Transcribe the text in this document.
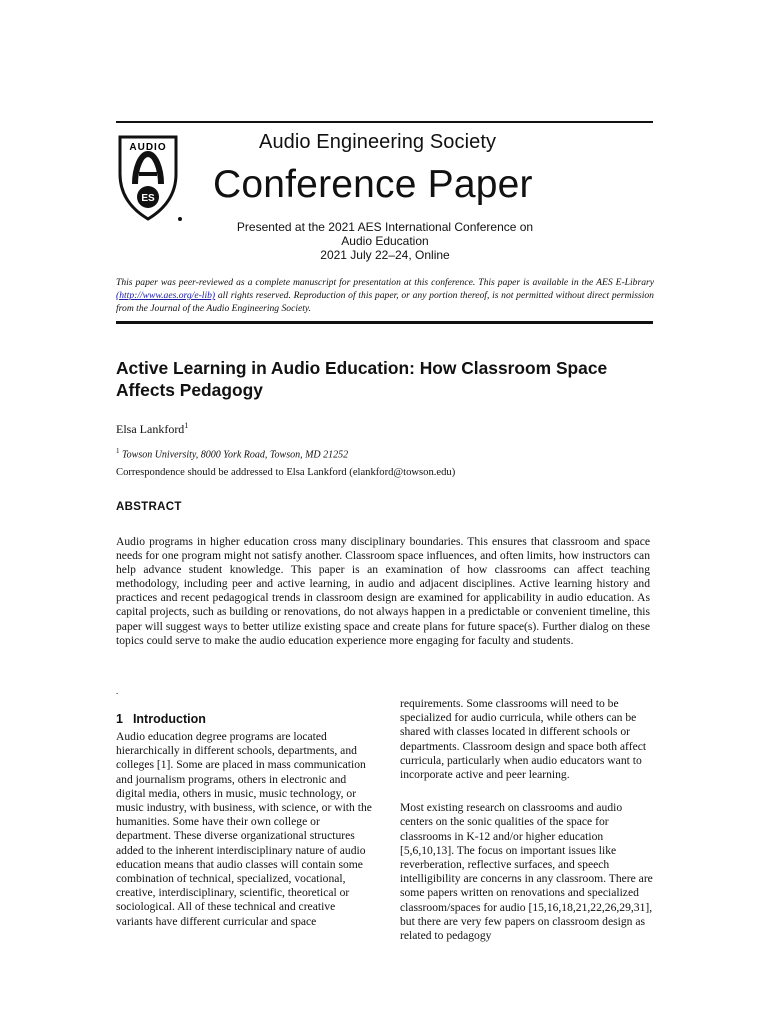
AUDIO
ES
Audio Engineering Society
Conference Paper
Presented at the 2021 AES International Conference on
Audio Education
2021 July 22–24, Online
This paper was peer-reviewed as a complete manuscript for presentation at this conference. This paper is available in the AES E-Library (http://www.aes.org/e-lib) all rights reserved. Reproduction of this paper, or any portion thereof, is not permitted without direct permission from the Journal of the Audio Engineering Society.
Active Learning in Audio Education: How Classroom Space Affects Pedagogy
Elsa Lankford$^1$
$^1$ Towson University, 8000 York Road, Towson, MD 21252
Correspondence should be addressed to Elsa Lankford (elankford@towson.edu)
ABSTRACT
Audio programs in higher education cross many disciplinary boundaries. This ensures that classroom and space needs for one program might not satisfy another. Classroom space influences, and often limits, how instructors can help advance student knowledge. This paper is an examination of how classrooms can affect teaching methodology, including peer and active learning, in audio and adjacent disciplines. Active learning history and practices and recent pedagogical trends in classroom design are examined for applicability in audio education. As capital projects, such as building or renovations, do not always happen in a predictable or convenient timeline, this paper will suggest ways to better utilize existing space and create plans for future space(s). Further dialog on these topics could serve to make the audio education experience more engaging for faculty and students.
.
1 Introduction

Audio education degree programs are located hierarchically in different schools, departments, and colleges [1]. Some are placed in mass communication and journalism programs, others in electronic and digital media, others in music, music technology, or music industry, with business, with science, or with the humanities. Some have their own college or department. These diverse organizational structures added to the inherent interdisciplinary nature of audio education means that audio classes will contain some combination of technical, specialized, vocational, creative, interdisciplinary, scientific, theoretical or sociological. All of these technical and creative variants have different curricular and space

requirements. Some classrooms will need to be specialized for audio curricula, while others can be shared with classes located in different schools or departments. Classroom design and space both affect curricula, particularly when audio educators want to incorporate active and peer learning.

Most existing research on classrooms and audio centers on the sonic qualities of the space for classrooms in K-12 and/or higher education [5,6,10,13]. The focus on important issues like reverberation, reflective surfaces, and speech intelligibility are concerns in any classroom. There are some papers written on renovations and specialized classroom/spaces for audio [15,16,18,21,22,26,29,31], but there are very few papers on classroom design as related to pedagogy
